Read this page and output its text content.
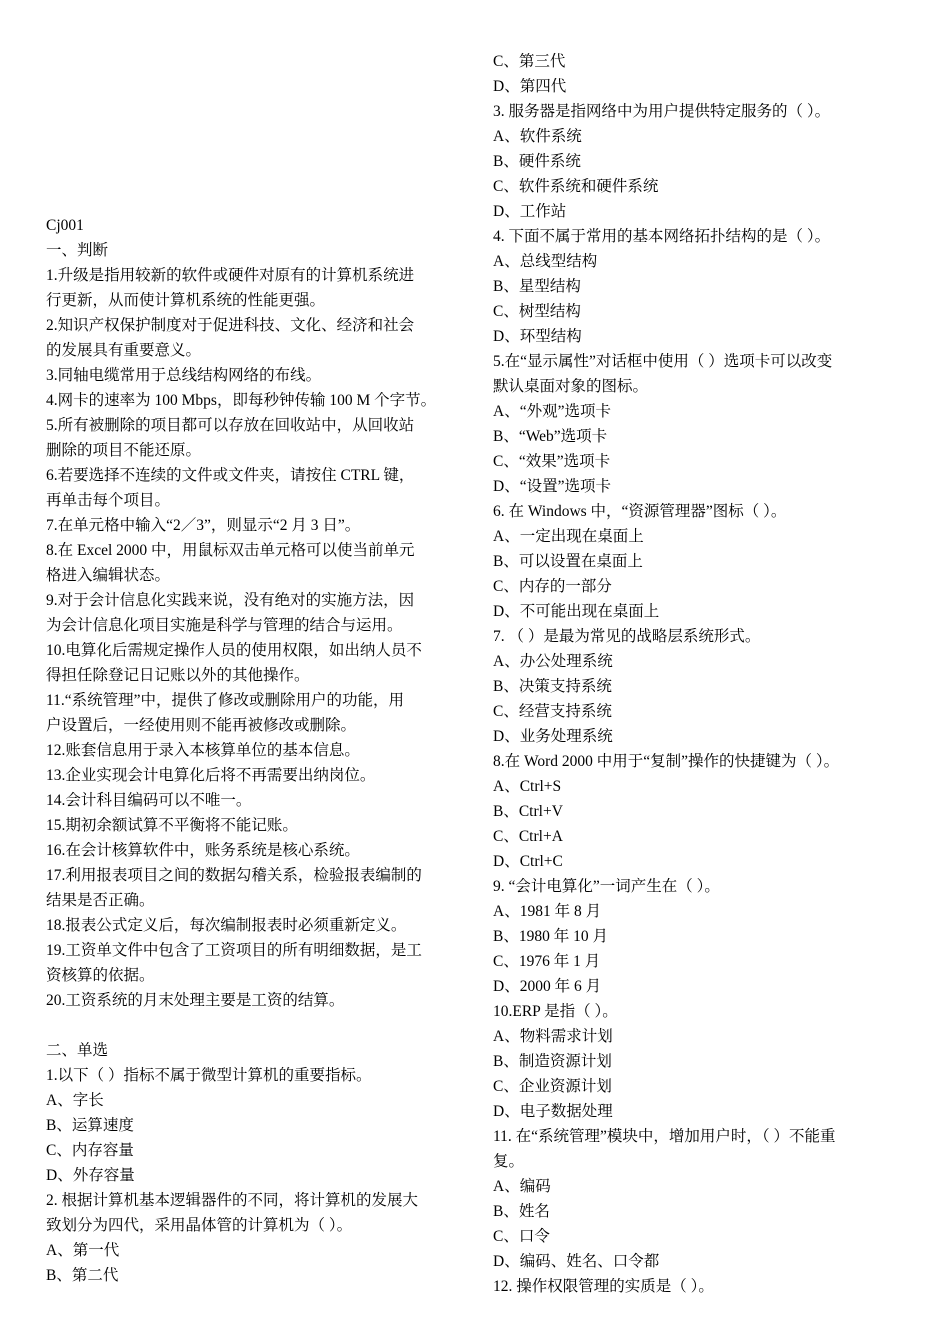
Cj001
一、判断
1.升级是指用较新的软件或硬件对原有的计算机系统进
行更新，从而使计算机系统的性能更强。
2.知识产权保护制度对于促进科技、文化、经济和社会
的发展具有重要意义。
3.同轴电缆常用于总线结构网络的布线。
4.网卡的速率为 100 Mbps，即每秒钟传输 100 M 个字节。
5.所有被删除的项目都可以存放在回收站中，从回收站
删除的项目不能还原。
6.若要选择不连续的文件或文件夹，请按住 CTRL 键，
再单击每个项目。
7.在单元格中输入“2／3”，则显示“2 月 3 日”。
8.在 Excel 2000 中，用鼠标双击单元格可以使当前单元
格进入编辑状态。
9.对于会计信息化实践来说，没有绝对的实施方法，因
为会计信息化项目实施是科学与管理的结合与运用。
10.电算化后需规定操作人员的使用权限，如出纳人员不
得担任除登记日记账以外的其他操作。
11.“系统管理”中，提供了修改或删除用户的功能，用
户设置后，一经使用则不能再被修改或删除。
12.账套信息用于录入本核算单位的基本信息。
13.企业实现会计电算化后将不再需要出纳岗位。
14.会计科目编码可以不唯一。
15.期初余额试算不平衡将不能记账。
16.在会计核算软件中，账务系统是核心系统。
17.利用报表项目之间的数据勾稽关系，检验报表编制的
结果是否正确。
18.报表公式定义后，每次编制报表时必须重新定义。
19.工资单文件中包含了工资项目的所有明细数据，是工
资核算的依据。
20.工资系统的月末处理主要是工资的结算。
二、单选
1.以下（ ）指标不属于微型计算机的重要指标。
A、字长
B、运算速度
C、内存容量
D、外存容量
2. 根据计算机基本逻辑器件的不同，将计算机的发展大
致划分为四代，采用晶体管的计算机为（ ）。
A、第一代
B、第二代
C、第三代
D、第四代
3. 服务器是指网络中为用户提供特定服务的（ ）。
A、软件系统
B、硬件系统
C、软件系统和硬件系统
D、工作站
4. 下面不属于常用的基本网络拓扑结构的是（ ）。
A、总线型结构
B、星型结构
C、树型结构
D、环型结构
5.在“显示属性”对话框中使用（ ）选项卡可以改变
默认桌面对象的图标。
A、“外观”选项卡
B、“Web”选项卡
C、“效果”选项卡
D、“设置”选项卡
6. 在 Windows 中，“资源管理器”图标（ ）。
A、一定出现在桌面上
B、可以设置在桌面上
C、内存的一部分
D、不可能出现在桌面上
7. （ ）是最为常见的战略层系统形式。
A、办公处理系统
B、决策支持系统
C、经营支持系统
D、业务处理系统
8.在 Word 2000 中用于“复制”操作的快捷键为（ ）。
A、Ctrl+S
B、Ctrl+V
C、Ctrl+A
D、Ctrl+C
9. “会计电算化”一词产生在（ ）。
A、1981 年 8 月
B、1980 年 10 月
C、1976 年 1 月
D、2000 年 6 月
10.ERP 是指（ ）。
A、物料需求计划
B、制造资源计划
C、企业资源计划
D、电子数据处理
11. 在“系统管理”模块中，增加用户时，（ ）不能重
复。
A、编码
B、姓名
C、口令
D、编码、姓名、口令都
12. 操作权限管理的实质是（ ）。
